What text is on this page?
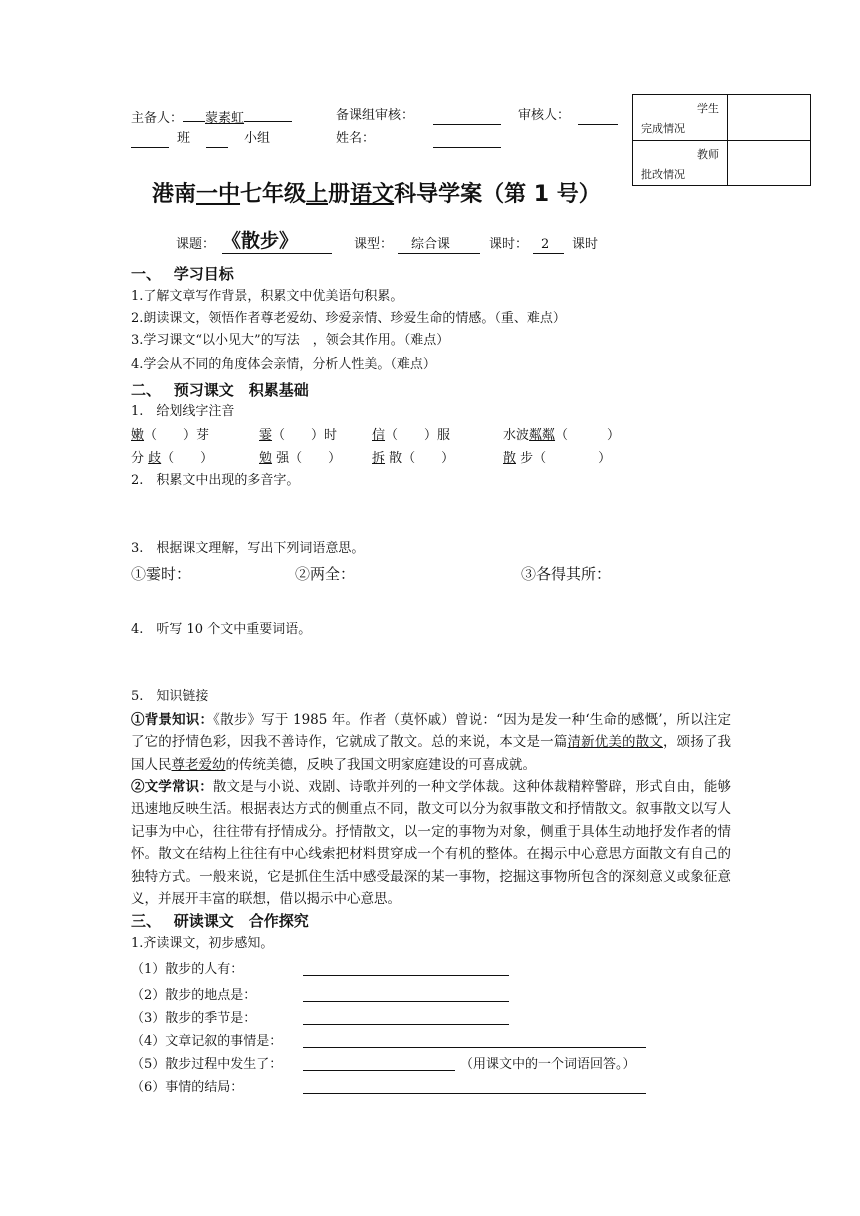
主备人： 蒙素虹	备课组审核：	审核人：
班	小组	姓名：
学生
完成情况
教师
批改情况
港南一中七年级上册语文科导学案（第 1 号）
课题： 《散步》	课型： 综合课	课时： 2 课时
一、　 学习目标
1.了解文章写作背景，积累文中优美语句积累。
2.朗读课文，领悟作者尊老爱幼、珍爱亲情、珍爱生命的情感。（重、难点）
3.学习课文“以小见大”的写法　，领会其作用。（难点）
4.学会从不同的角度体会亲情，分析人性美。（难点）
二、　 预习课文　积累基础
1.　给划线字注音
嫩（　　）芽	霎（　　）时	信（　　）服	水波粼粼（　　　）
分 歧（　　）	勉 强（　　） 拆 散（　　）	散 步（　　　　）
2.　积累文中出现的多音字。
3.　根据课文理解，写出下列词语意思。
①霎时：	②两全：	③各得其所：
4.　听写 10 个文中重要词语。
5.　知识链接
①背景知识：《散步》写于 1985 年。作者（莫怀戚）曾说：“因为是发一种‘生命的感慨’，所以注定了它的抒情色彩，因我不善诗作，它就成了散文。总的来说，本文是一篇清新优美的散文，颂扬了我国人民尊老爱幼的传统美德，反映了我国文明家庭建设的可喜成就。
②文学常识：散文是与小说、戏剧、诗歌并列的一种文学体裁。这种体裁精粹警辟，形式自由，能够迅速地反映生活。根据表达方式的侧重点不同，散文可以分为叙事散文和抒情散文。叙事散文以写人记事为中心，往往带有抒情成分。抒情散文，以一定的事物为对象，侧重于具体生动地抒发作者的情怀。散文在结构上往往有中心线索把材料贯穿成一个有机的整体。在揭示中心意思方面散文有自己的独特方式。一般来说，它是抓住生活中感受最深的某一事物，挖掘这事物所包含的深刻意义或象征意义，并展开丰富的联想，借以揭示中心意思。
三、　 研读课文　合作探究
1.齐读课文，初步感知。
（1）散步的人有：
（2）散步的地点是：
（3）散步的季节是：
（4）文章记叙的事情是：
（5）散步过程中发生了：	（用课文中的一个词语回答。）
（6）事情的结局：
